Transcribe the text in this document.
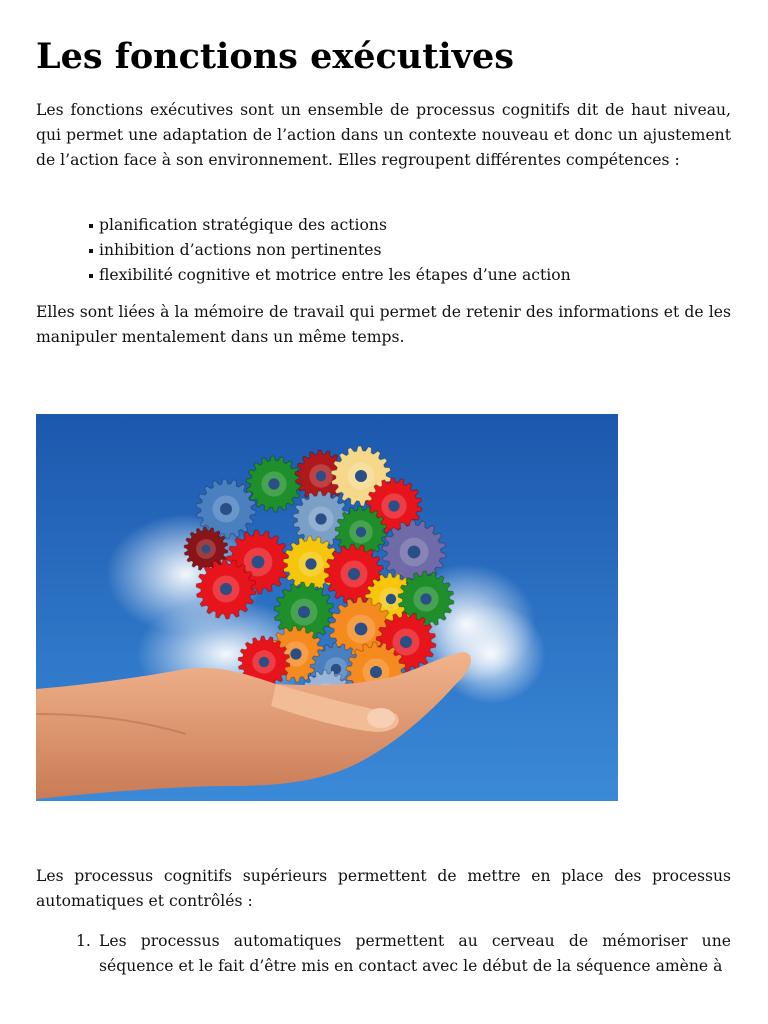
Les fonctions exécutives

Les fonctions exécutives sont un ensemble de processus cognitifs dit de haut niveau, qui permet une adaptation de l’action dans un contexte nouveau et donc un ajustement de l’action face à son environnement. Elles regroupent différentes compétences :

planification stratégique des actions
inhibition d’actions non pertinentes
flexibilité cognitive et motrice entre les étapes d’une action

Elles sont liées à la mémoire de travail qui permet de retenir des informations et de les manipuler mentalement dans un même temps.

Les processus cognitifs supérieurs permettent de mettre en place des processus automatiques et contrôlés :

1. Les processus automatiques permettent au cerveau de mémoriser une séquence et le fait d’être mis en contact avec le début de la séquence amène à
